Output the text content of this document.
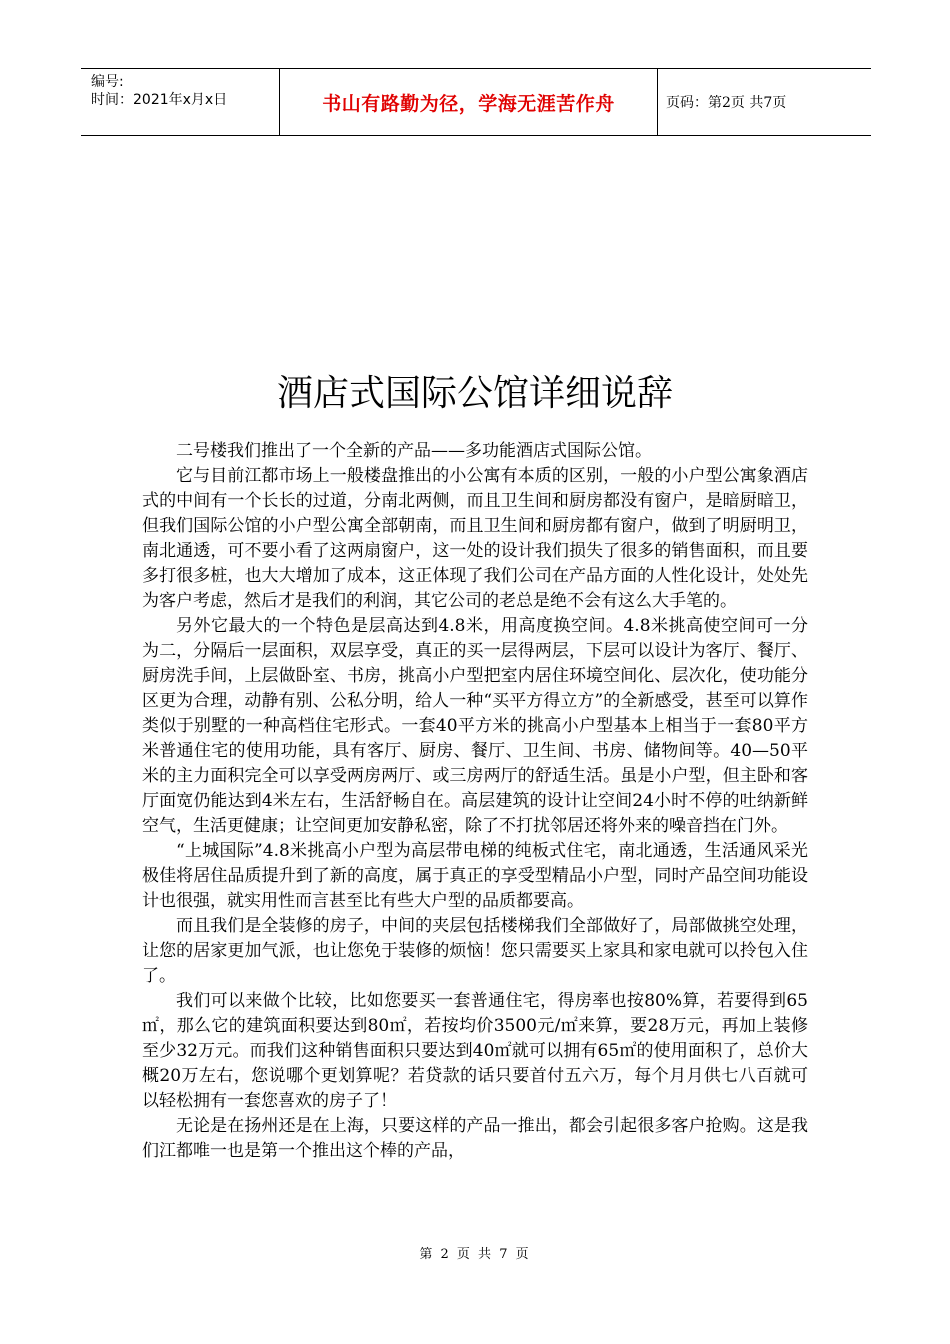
编号:
时间：2021年x月x日	书山有路勤为径，学海无涯苦作舟	页码：第2页 共7页
酒店式国际公馆详细说辞

二号楼我们推出了一个全新的产品——多功能酒店式国际公馆。

它与目前江都市场上一般楼盘推出的小公寓有本质的区别，一般的小户型公寓象酒店式的中间有一个长长的过道，分南北两侧，而且卫生间和厨房都没有窗户，是暗厨暗卫，但我们国际公馆的小户型公寓全部朝南，而且卫生间和厨房都有窗户，做到了明厨明卫，南北通透，可不要小看了这两扇窗户，这一处的设计我们损失了很多的销售面积，而且要多打很多桩，也大大增加了成本，这正体现了我们公司在产品方面的人性化设计，处处先为客户考虑，然后才是我们的利润，其它公司的老总是绝不会有这么大手笔的。

另外它最大的一个特色是层高达到4.8米，用高度换空间。4.8米挑高使空间可一分为二，分隔后一层面积，双层享受，真正的买一层得两层，下层可以设计为客厅、餐厅、厨房洗手间，上层做卧室、书房，挑高小户型把室内居住环境空间化、层次化，使功能分区更为合理，动静有别、公私分明，给人一种“买平方得立方”的全新感受，甚至可以算作类似于别墅的一种高档住宅形式。一套40平方米的挑高小户型基本上相当于一套80平方米普通住宅的使用功能，具有客厅、厨房、餐厅、卫生间、书房、储物间等。40—50平米的主力面积完全可以享受两房两厅、或三房两厅的舒适生活。虽是小户型，但主卧和客厅面宽仍能达到4米左右，生活舒畅自在。高层建筑的设计让空间24小时不停的吐纳新鲜空气，生活更健康；让空间更加安静私密，除了不打扰邻居还将外来的噪音挡在门外。

“上城国际”4.8米挑高小户型为高层带电梯的纯板式住宅，南北通透，生活通风采光极佳将居住品质提升到了新的高度，属于真正的享受型精品小户型，同时产品空间功能设计也很强，就实用性而言甚至比有些大户型的品质都要高。

而且我们是全装修的房子，中间的夹层包括楼梯我们全部做好了，局部做挑空处理，让您的居家更加气派，也让您免于装修的烦恼！您只需要买上家具和家电就可以拎包入住了。

我们可以来做个比较，比如您要买一套普通住宅，得房率也按80%算，若要得到65㎡，那么它的建筑面积要达到80㎡，若按均价3500元/㎡来算，要28万元，再加上装修至少32万元。而我们这种销售面积只要达到40㎡就可以拥有65㎡的使用面积了，总价大概20万左右，您说哪个更划算呢？若贷款的话只要首付五六万，每个月月供七八百就可以轻松拥有一套您喜欢的房子了！

无论是在扬州还是在上海，只要这样的产品一推出，都会引起很多客户抢购。这是我们江都唯一也是第一个推出这个棒的产品，

第 2 页 共 7 页
